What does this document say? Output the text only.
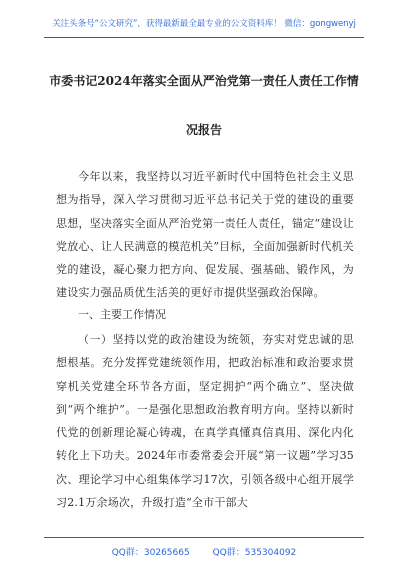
关注头条号“公文研究”，获得最新最全最专业的公文资料库！ 微信：gongwenyj
市委书记2024年落实全面从严治党第一责任人责任工作情
况报告
今年以来，我坚持以习近平新时代中国特色社会主义思想为指导，深入学习贯彻习近平总书记关于党的建设的重要思想，坚决落实全面从严治党第一责任人责任，锚定“建设让党放心、让人民满意的模范机关”目标，全面加强新时代机关党的建设，凝心聚力把方向、促发展、强基础、锻作风，为建设实力强品质优生活美的更好市提供坚强政治保障。
一、主要工作情况
（一）坚持以党的政治建设为统领，夯实对党忠诚的思想根基。充分发挥党建统领作用，把政治标准和政治要求贯穿机关党建全环节各方面，坚定拥护“两个确立”、坚决做到“两个维护”。一是强化思想政治教育明方向。坚持以新时代党的创新理论凝心铸魂，在真学真懂真信真用、深化内化转化上下功夫。2024年市委常委会开展“第一议题”学习35次、理论学习中心组集体学习17次，引领各级中心组开展学习2.1万余场次，升级打造“全市干部大
QQ群：30265665	QQ群：535304092
